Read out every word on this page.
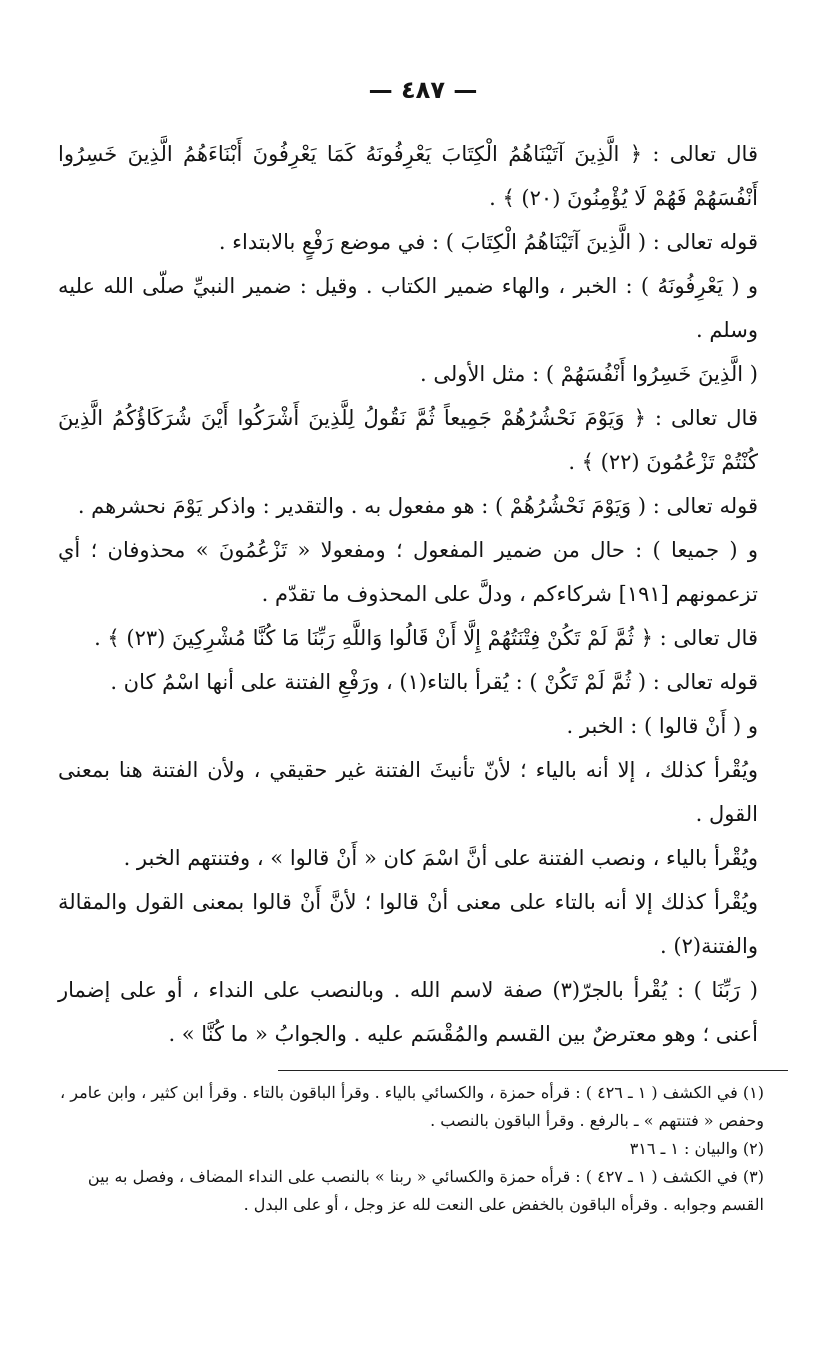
— ٤٨٧ —

قال تعالى : ﴿ الَّذِينَ آتَيْنَاهُمُ الْكِتَابَ يَعْرِفُونَهُ كَمَا يَعْرِفُونَ أَبْنَاءَهُمُ الَّذِينَ خَسِرُوا أَنْفُسَهُمْ فَهُمْ لَا يُؤْمِنُونَ (٢٠) ﴾ .

قوله تعالى : ( الَّذِينَ آتَيْنَاهُمُ الْكِتَابَ ) : في موضع رَفْعٍ بالابتداء .

و ( يَعْرِفُونَهُ ) : الخبر ، والهاء ضمير الكتاب . وقيل : ضمير النبيِّ صلّى الله عليه وسلم .

( الَّذِينَ خَسِرُوا أَنْفُسَهُمْ ) : مثل الأولى .

قال تعالى : ﴿ وَيَوْمَ نَحْشُرُهُمْ جَمِيعاً ثُمَّ نَقُولُ لِلَّذِينَ أَشْرَكُوا أَيْنَ شُرَكَاؤُكُمُ الَّذِينَ كُنْتُمْ تَزْعُمُونَ (٢٢) ﴾ .

قوله تعالى : ( وَيَوْمَ نَحْشُرُهُمْ ) : هو مفعول به . والتقدير : واذكر يَوْمَ نحشرهم .

و ( جميعا ) : حال من ضمير المفعول ؛ ومفعولا « تَزْعُمُونَ » محذوفان ؛ أي تزعمونهم [١٩١] شركاءكم ، ودلَّ على المحذوف ما تقدّم .

قال تعالى : ﴿ ثُمَّ لَمْ تَكُنْ فِتْنَتُهُمْ إِلَّا أَنْ قَالُوا وَاللَّهِ رَبِّنَا مَا كُنَّا مُشْرِكِينَ (٢٣) ﴾ .

قوله تعالى : ( ثُمَّ لَمْ تَكُنْ ) : يُقرأ بالتاء(١) ، ورَفْعِ الفتنة على أنها اسْمُ كان .

و ( أَنْ قالوا ) : الخبر .

ويُقْرأ كذلك ، إلا أنه بالياء ؛ لأنّ تأنيثَ الفتنة غير حقيقي ، ولأن الفتنة هنا بمعنى القول .

ويُقْرأ بالياء ، ونصب الفتنة على أنَّ اسْمَ كان « أَنْ قالوا » ، وفتنتهم الخبر .

ويُقْرأ كذلك إلا أنه بالتاء على معنى أنْ قالوا ؛ لأنَّ أَنْ قالوا بمعنى القول والمقالة والفتنة(٢) .

( رَبِّنَا ) : يُقْرأ بالجرّ(٣) صفة لاسم الله . وبالنصب على النداء ، أو على إضمار أعنى ؛ وهو معترضٌ بين القسم والمُقْسَم عليه . والجوابُ « ما كُنَّا » .

(١) في الكشف ( ١ ـ ٤٢٦ ) : قرأه حمزة ، والكسائي بالياء . وقرأ الباقون بالتاء . وقرأ ابن كثير ، وابن عامر ، وحفص « فتنتهم » ـ بالرفع . وقرأ الباقون بالنصب .

(٢) والبيان : ١ ـ ٣١٦

(٣) في الكشف ( ١ ـ ٤٢٧ ) : قرأه حمزة والكسائي « ربنا » بالنصب على النداء المضاف ، وفصل به بين القسم وجوابه . وقرأه الباقون بالخفض على النعت لله عز وجل ، أو على البدل .
